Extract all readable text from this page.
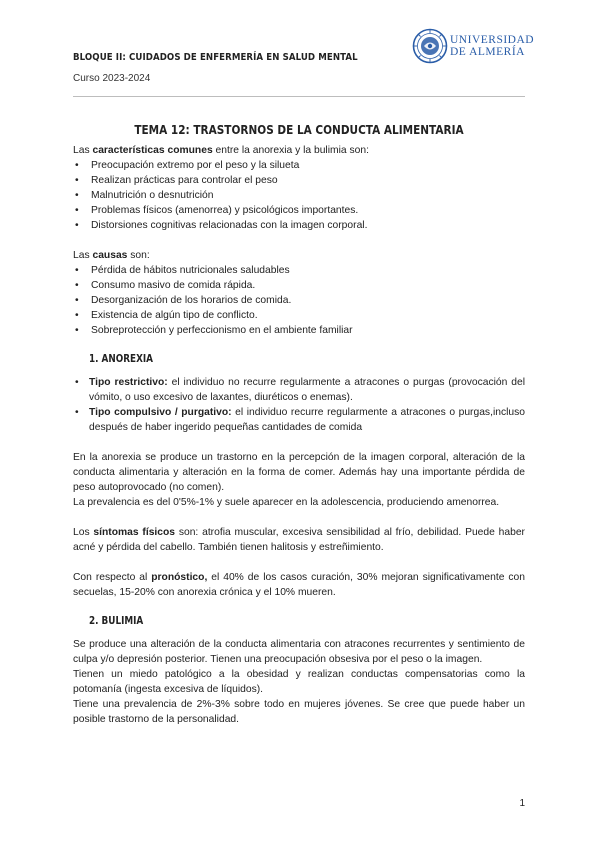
BLOQUE II: CUIDADOS DE ENFERMERÍA EN SALUD MENTAL
Curso 2023-2024
UNIVERSIDAD
DE ALMERÍA
TEMA 12: TRASTORNOS DE LA CONDUCTA ALIMENTARIA

Las características comunes entre la anorexia y la bulimia son:

• Preocupación extremo por el peso y la silueta
• Realizan prácticas para controlar el peso
• Malnutrición o desnutrición
• Problemas físicos (amenorrea) y psicológicos importantes.
• Distorsiones cognitivas relacionadas con la imagen corporal.

Las causas son:

• Pérdida de hábitos nutricionales saludables
• Consumo masivo de comida rápida.
• Desorganización de los horarios de comida.
• Existencia de algún tipo de conflicto.
• Sobreprotección y perfeccionismo en el ambiente familiar
1. ANOREXIA
• Tipo restrictivo: el individuo no recurre regularmente a atracones o purgas (provocación del vómito, o uso excesivo de laxantes, diuréticos o enemas).
• Tipo compulsivo / purgativo: el individuo recurre regularmente a atracones o purgas,incluso después de haber ingerido pequeñas cantidades de comida

En la anorexia se produce un trastorno en la percepción de la imagen corporal, alteración de la conducta alimentaria y alteración en la forma de comer. Además hay una importante pérdida de peso autoprovocado (no comen).

La prevalencia es del 0'5%-1% y suele aparecer en la adolescencia, produciendo amenorrea.

Los síntomas físicos son: atrofia muscular, excesiva sensibilidad al frío, debilidad. Puede haber acné y pérdida del cabello. También tienen halitosis y estreñimiento.

Con respecto al pronóstico, el 40% de los casos curación, 30% mejoran significativamente con secuelas, 15-20% con anorexia crónica y el 10% mueren.

2. BULIMIA

Se produce una alteración de la conducta alimentaria con atracones recurrentes y sentimiento de culpa y/o depresión posterior. Tienen una preocupación obsesiva por el peso o la imagen.

Tienen un miedo patológico a la obesidad y realizan conductas compensatorias como la potomanía (ingesta excesiva de líquidos).

Tiene una prevalencia de 2%-3% sobre todo en mujeres jóvenes. Se cree que puede haber un posible trastorno de la personalidad.

1
